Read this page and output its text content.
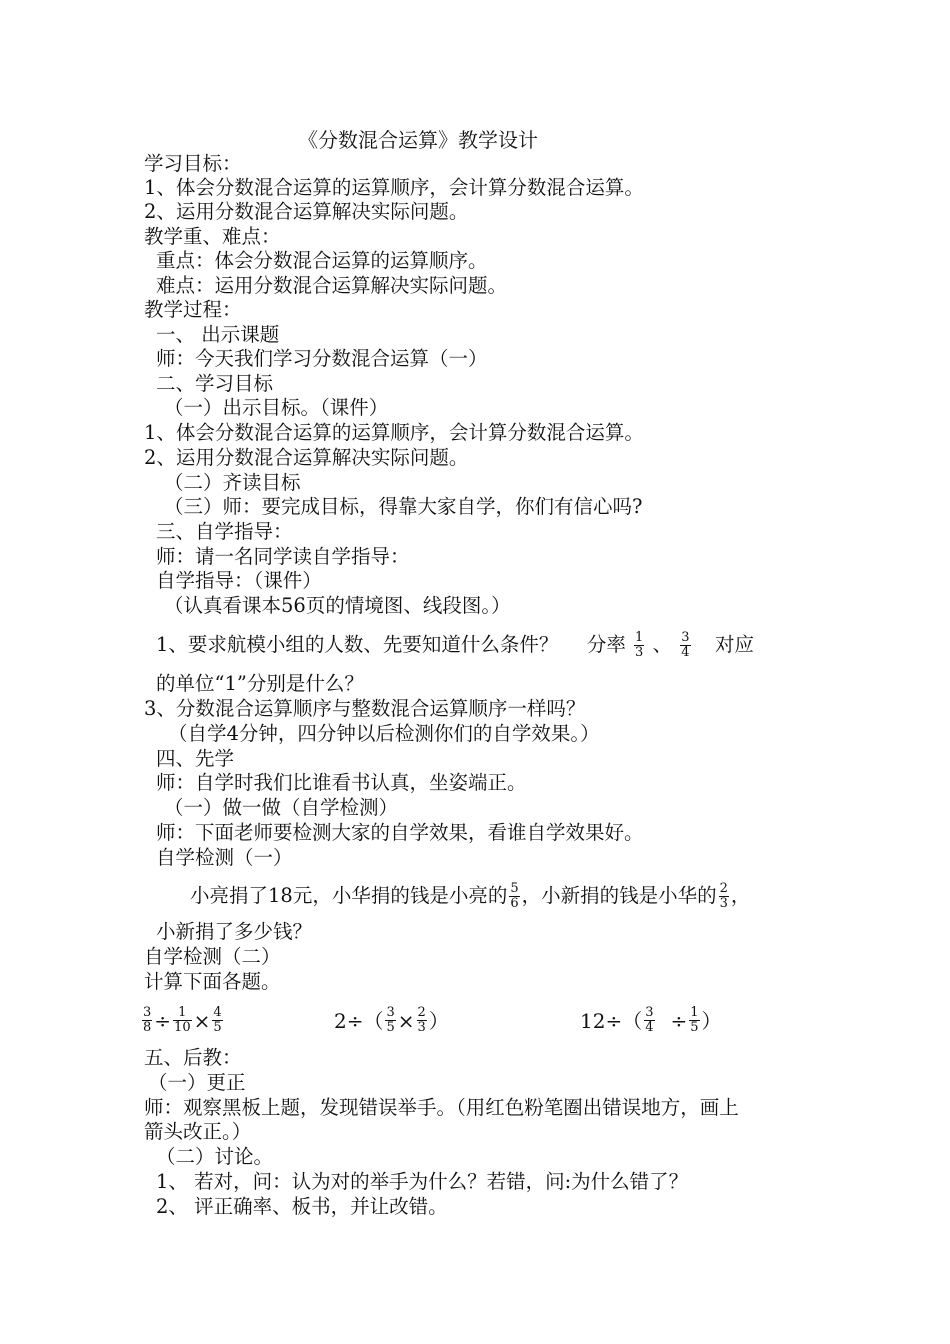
《分数混合运算》教学设计
学习目标：
1、体会分数混合运算的运算顺序，会计算分数混合运算。
2、运用分数混合运算解决实际问题。
教学重、难点：
重点：体会分数混合运算的运算顺序。
难点：运用分数混合运算解决实际问题。
教学过程：
一、 出示课题
师：今天我们学习分数混合运算（一）
二、学习目标
（一）出示目标。（课件）
1、体会分数混合运算的运算顺序，会计算分数混合运算。
2、运用分数混合运算解决实际问题。
（二）齐读目标
（三）师：要完成目标，得靠大家自学，你们有信心吗?
三、自学指导：
师：请一名同学读自学指导：
自学指导：（课件）
（认真看课本56页的情境图、线段图。）
1、要求航模小组的人数、先要知道什么条件？ 分率 $\frac{1}{3}$ 、 $\frac{3}{4}$ 对应
的单位“1”分别是什么？
3、分数混合运算顺序与整数混合运算顺序一样吗？
（自学4分钟，四分钟以后检测你们的自学效果。）
四、先学
师：自学时我们比谁看书认真，坐姿端正。
（一）做一做（自学检测）
师：下面老师要检测大家的自学效果，看谁自学效果好。
自学检测（一）
小亮捐了18元，小华捐的钱是小亮的 $\frac{5}{6}$ ，小新捐的钱是小华的 $\frac{2}{3}$ ，
小新捐了多少钱？
自学检测（二）
计算下面各题。
$\frac{3}{8} \div \frac{1}{10} \times \frac{4}{5}$	$2\div( \frac{3}{5} \times \frac{2}{3}$ ）	$12\div( \frac{3}{4} \div \frac{1}{5}$ ）
五、后教：
（一）更正
师：观察黑板上题，发现错误举手。（用红色粉笔圈出错误地方，画上
箭头改正。）
（二）讨论。
1、 若对，问：认为对的举手为什么？若错，问:为什么错了？
2、 评正确率、板书，并让改错。
